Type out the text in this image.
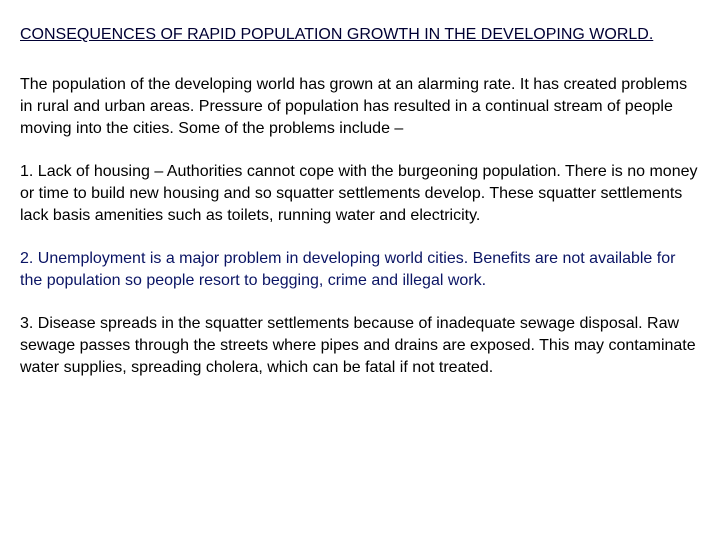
CONSEQUENCES OF RAPID POPULATION GROWTH IN THE DEVELOPING WORLD.

The population of the developing world has grown at an alarming rate. It has created problems in rural and urban areas. Pressure of population has resulted in a continual stream of people moving into the cities. Some of the problems include –

1. Lack of housing – Authorities cannot cope with the burgeoning population. There is no money or time to build new housing and so squatter settlements develop. These squatter settlements lack basis amenities such as toilets, running water and electricity.

2. Unemployment is a major problem in developing world cities. Benefits are not available for the population so people resort to begging, crime and illegal work.

3. Disease spreads in the squatter settlements because of inadequate sewage disposal. Raw sewage passes through the streets where pipes and drains are exposed. This may contaminate water supplies, spreading cholera, which can be fatal if not treated.
